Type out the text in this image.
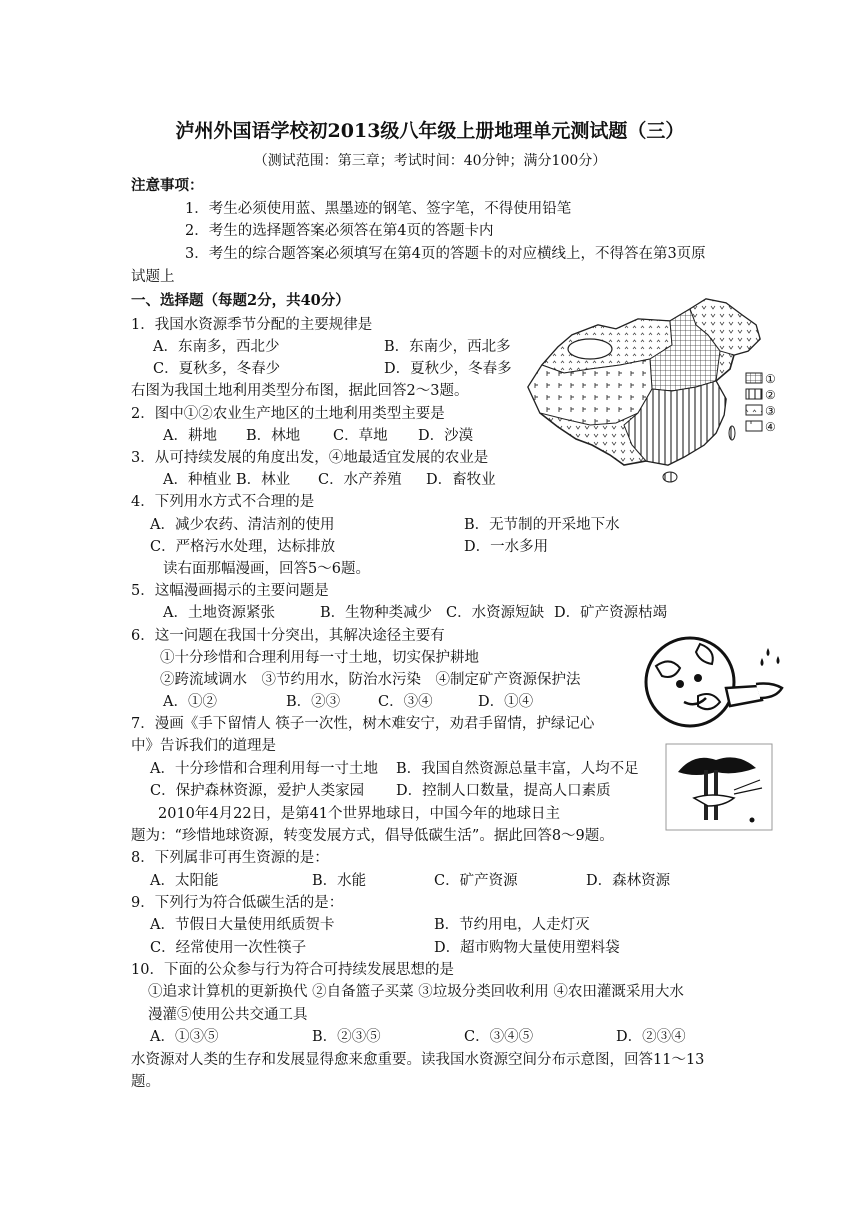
泸州外国语学校初2013级八年级上册地理单元测试题（三）
（测试范围：第三章；考试时间：40分钟；满分100分）
注意事项：
1．考生必须使用蓝、黑墨迹的钢笔、签字笔，不得使用铅笔
2．考生的选择题答案必须答在第4页的答题卡内
3．考生的综合题答案必须填写在第4页的答题卡的对应横线上，不得答在第3页原
试题上
一、选择题（每题2分，共40分）
1．我国水资源季节分配的主要规律是
A．东南多，西北少	B．东南少，西北多
C．夏秋多，冬春少	D．夏秋少，冬春多
右图为我国土地利用类型分布图，据此回答2～3题。
2．图中①②农业生产地区的土地利用类型主要是
A．耕地 B．林地 C．草地 D．沙漠
3．从可持续发展的角度出发，④地最适宜发展的农业是
A．种植业 B．林业 C．水产养殖 D．畜牧业
4．下列用水方式不合理的是
A．减少农药、清洁剂的使用	B．无节制的开采地下水
C．严格污水处理，达标排放	D．一水多用
读右面那幅漫画，回答5～6题。
5．这幅漫画揭示的主要问题是
A．土地资源紧张	B．生物种类减少 C．水资源短缺 D．矿产资源枯竭
6．这一问题在我国十分突出，其解决途径主要有
①十分珍惜和合理利用每一寸土地，切实保护耕地
②跨流域调水　③节约用水，防治水污染　④制定矿产资源保护法
A．①②	B．②③	C．③④	D．①④
7．漫画《手下留情人 筷子一次性，树木难安宁，劝君手留情，护绿记心
中》告诉我们的道理是
A．十分珍惜和合理利用每一寸土地 B．我国自然资源总量丰富，人均不足
C．保护森林资源，爱护人类家园 D．控制人口数量，提高人口素质
2010年4月22日，是第41个世界地球日，中国今年的地球日主
题为：“珍惜地球资源，转变发展方式，倡导低碳生活”。据此回答8～9题。
8．下列属非可再生资源的是：
A．太阳能	B．水能	C．矿产资源	D．森林资源
9．下列行为符合低碳生活的是：
A．节假日大量使用纸质贺卡	B．节约用电，人走灯灭
C．经常使用一次性筷子	D．超市购物大量使用塑料袋
10．下面的公众参与行为符合可持续发展思想的是
①追求计算机的更新换代 ②自备篮子买菜 ③垃圾分类回收利用 ④农田灌溉采用大水
漫灌⑤使用公共交通工具
A．①③⑤	B．②③⑤	C．③④⑤	D．②③④
水资源对人类的生存和发展显得愈来愈重要。读我国水资源空间分布示意图，回答11～13
题。
①
②
③
④
